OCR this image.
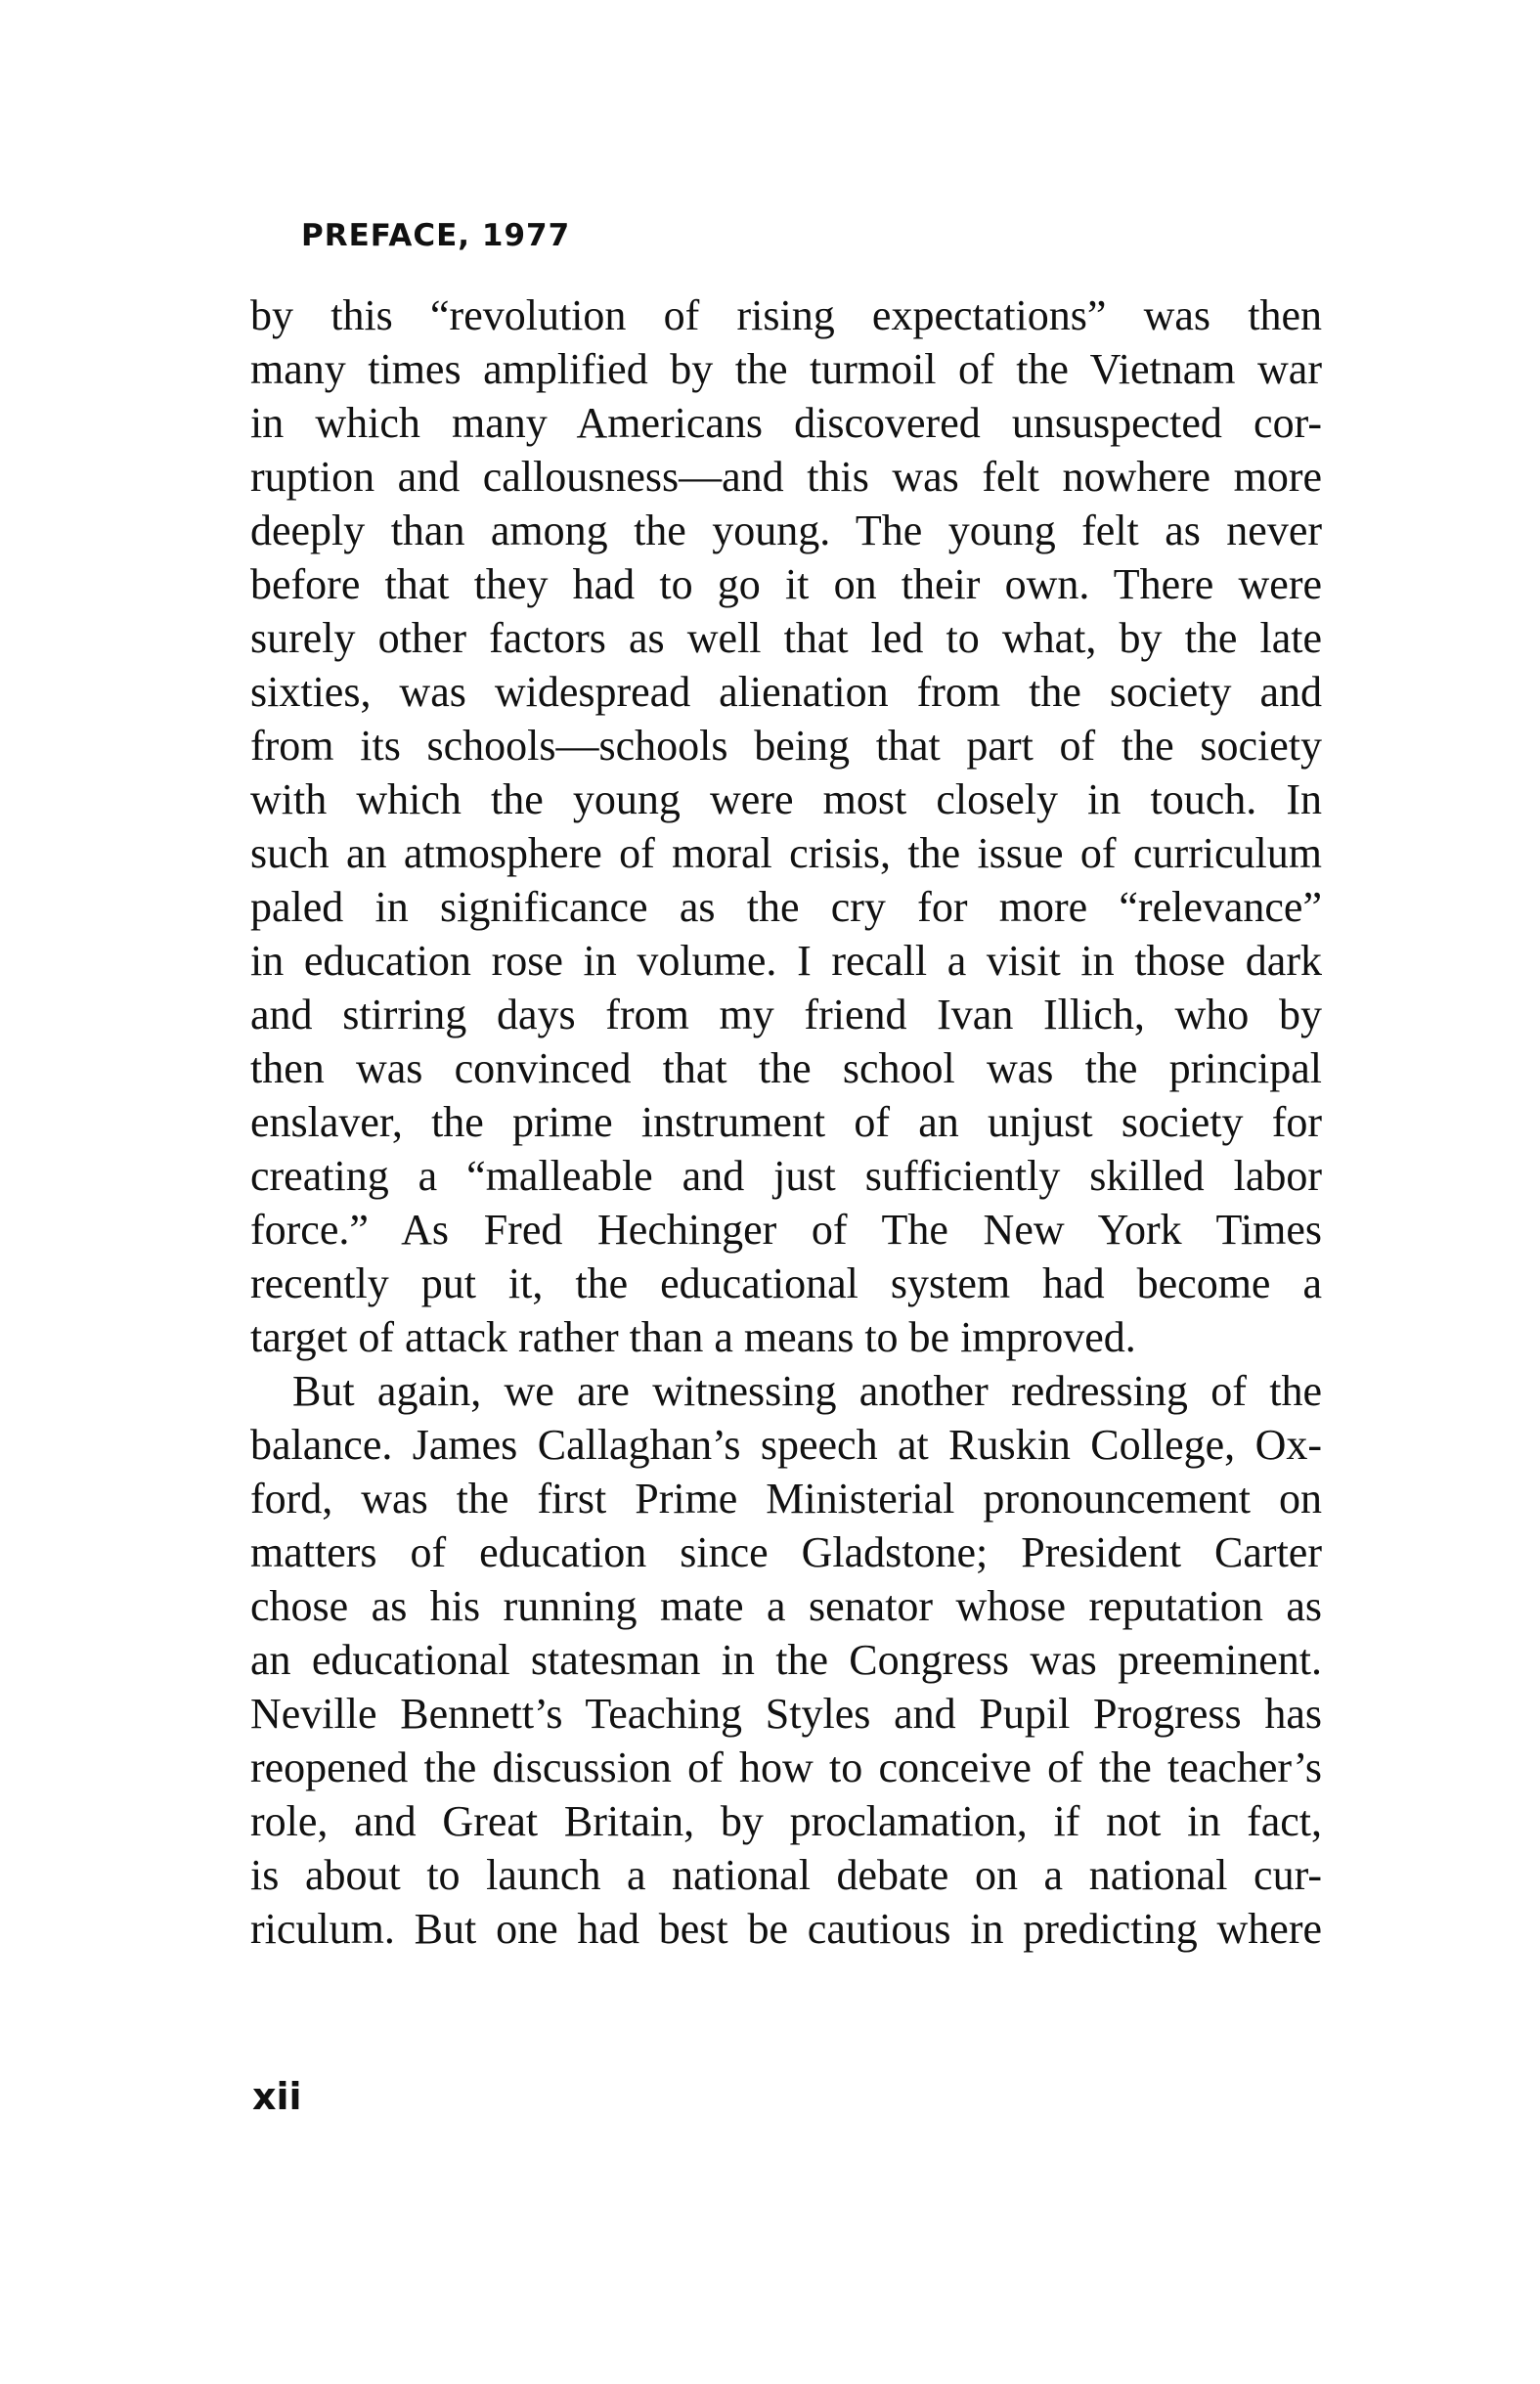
PREFACE, 1977
by this “revolution of rising expectations” was then
many times amplified by the turmoil of the Vietnam war
in which many Americans discovered unsuspected cor-
ruption and callousness—and this was felt nowhere more
deeply than among the young. The young felt as never
before that they had to go it on their own. There were
surely other factors as well that led to what, by the late
sixties, was widespread alienation from the society and
from its schools—schools being that part of the society
with which the young were most closely in touch. In
such an atmosphere of moral crisis, the issue of curriculum
paled in significance as the cry for more “relevance”
in education rose in volume. I recall a visit in those dark
and stirring days from my friend Ivan Illich, who by
then was convinced that the school was the principal
enslaver, the prime instrument of an unjust society for
creating a “malleable and just sufficiently skilled labor
force.” As Fred Hechinger of The New York Times
recently put it, the educational system had become a
target of attack rather than a means to be improved.
But again, we are witnessing another redressing of the
balance. James Callaghan’s speech at Ruskin College, Ox-
ford, was the first Prime Ministerial pronouncement on
matters of education since Gladstone; President Carter
chose as his running mate a senator whose reputation as
an educational statesman in the Congress was preeminent.
Neville Bennett’s Teaching Styles and Pupil Progress has
reopened the discussion of how to conceive of the teacher’s
role, and Great Britain, by proclamation, if not in fact,
is about to launch a national debate on a national cur-
riculum. But one had best be cautious in predicting where
xii
